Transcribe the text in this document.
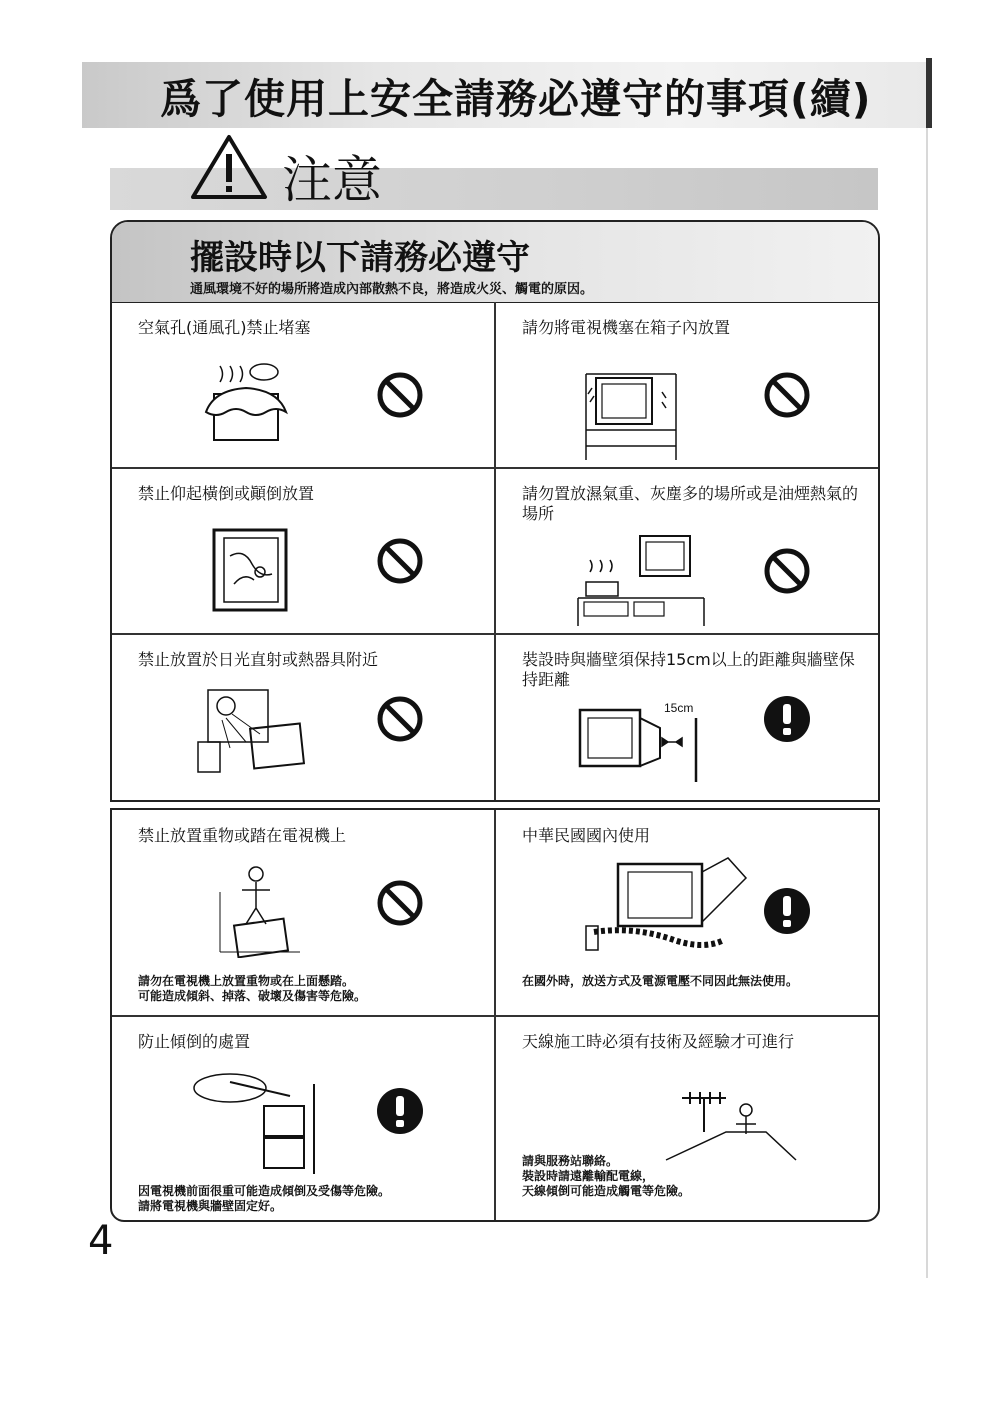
爲了使用上安全請務必遵守的事項(續)
注意
擺設時以下請務必遵守
通風環境不好的場所將造成內部散熱不良，將造成火災、觸電的原因。
空氣孔(通風孔)禁止堵塞	請勿將電視機塞在箱子內放置
禁止仰起橫倒或顚倒放置	請勿置放濕氣重、灰塵多的場所或是油煙熱氣的場所
禁止放置於日光直射或熱器具附近	裝設時與牆壁須保持15cm以上的距離與牆壁保持距離
15cm
禁止放置重物或踏在電視機上
請勿在電視機上放置重物或在上面懸踏。
可能造成傾斜、掉落、破壞及傷害等危險。
中華民國國內使用
在國外時，放送方式及電源電壓不同因此無法使用。
防止傾倒的處置
因電視機前面很重可能造成傾倒及受傷等危險。
請將電視機與牆壁固定好。
天線施工時必須有技術及經驗才可進行
請與服務站聯絡。
裝設時請遠離輸配電線，
天線傾倒可能造成觸電等危險。
4
